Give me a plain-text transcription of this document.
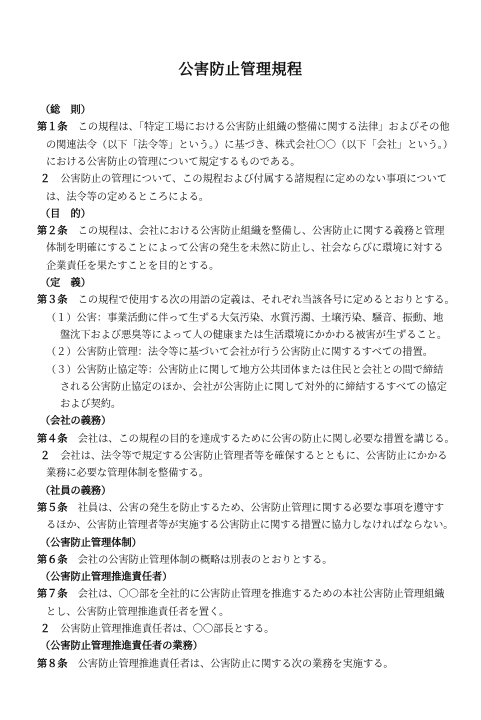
公害防止管理規程
（総　則）
第１条　この規程は、「特定工場における公害防止組織の整備に関する法律」およびその他
の関連法令（以下「法令等」という。）に基づき、株式会社〇〇（以下「会社」という。）
における公害防止の管理について規定するものである。
２　公害防止の管理について、この規程および付属する諸規程に定めのない事項について
は、法令等の定めるところによる。
（目　的）
第２条　この規程は、会社における公害防止組織を整備し、公害防止に関する義務と管理
体制を明確にすることによって公害の発生を未然に防止し、社会ならびに環境に対する
企業責任を果たすことを目的とする。
（定　義）
第３条　この規程で使用する次の用語の定義は、それぞれ当該各号に定めるとおりとする。
（１）公害：事業活動に伴って生ずる大気汚染、水質汚濁、土壌汚染、騒音、振動、地
盤沈下および悪臭等によって人の健康または生活環境にかかわる被害が生ずること。
（２）公害防止管理：法令等に基づいて会社が行う公害防止に関するすべての措置。
（３）公害防止協定等：公害防止に関して地方公共団体または住民と会社との間で締結
される公害防止協定のほか、会社が公害防止に関して対外的に締結するすべての協定
および契約。
（会社の義務）
第４条　会社は、この規程の目的を達成するために公害の防止に関し必要な措置を講じる。
２　会社は、法令等で規定する公害防止管理者等を確保するとともに、公害防止にかかる
業務に必要な管理体制を整備する。
（社員の義務）
第５条　社員は、公害の発生を防止するため、公害防止管理に関する必要な事項を遵守す
るほか、公害防止管理者等が実施する公害防止に関する措置に協力しなければならない。
（公害防止管理体制）
第６条　会社の公害防止管理体制の概略は別表のとおりとする。
（公害防止管理推進責任者）
第７条　会社は、〇〇部を全社的に公害防止管理を推進するための本社公害防止管理組織
とし、公害防止管理推進責任者を置く。
２　公害防止管理推進責任者は、〇〇部長とする。
（公害防止管理推進責任者の業務）
第８条　公害防止管理推進責任者は、公害防止に関する次の業務を実施する。
